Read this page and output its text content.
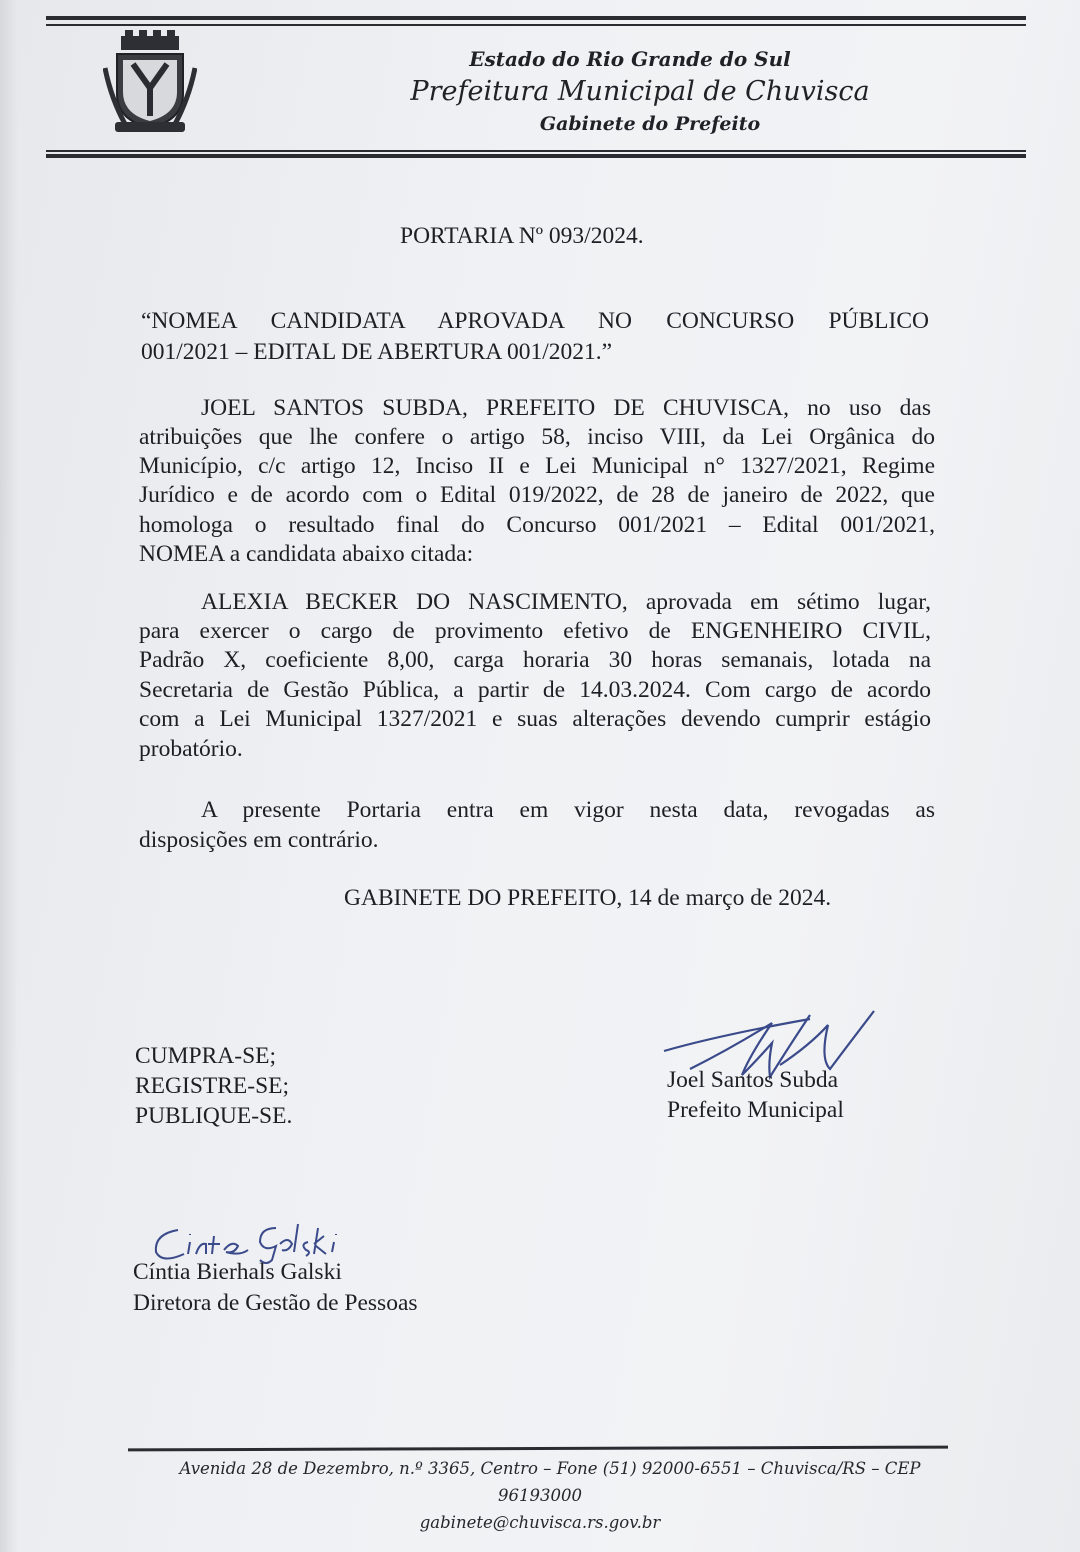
Estado do Rio Grande do Sul
Prefeitura Municipal de Chuvisca
Gabinete do Prefeito
PORTARIA Nº 093/2024.
“NOMEA CANDIDATA APROVADA NO CONCURSO PÚBLICO
001/2021 – EDITAL DE ABERTURA 001/2021.”
JOEL SANTOS SUBDA, PREFEITO DE CHUVISCA, no uso das
atribuições que lhe confere o artigo 58, inciso VIII, da Lei Orgânica do
Município, c/c artigo 12, Inciso II e Lei Municipal n° 1327/2021, Regime
Jurídico e de acordo com o Edital 019/2022, de 28 de janeiro de 2022, que
homologa o resultado final do Concurso 001/2021 – Edital 001/2021,
NOMEA a candidata abaixo citada:
ALEXIA BECKER DO NASCIMENTO, aprovada em sétimo lugar,
para exercer o cargo de provimento efetivo de ENGENHEIRO CIVIL,
Padrão X, coeficiente 8,00, carga horaria 30 horas semanais, lotada na
Secretaria de Gestão Pública, a partir de 14.03.2024. Com cargo de acordo
com a Lei Municipal 1327/2021 e suas alterações devendo cumprir estágio
probatório.
A presente Portaria entra em vigor nesta data, revogadas as
disposições em contrário.
GABINETE DO PREFEITO, 14 de março de 2024.
CUMPRA-SE;
REGISTRE-SE;
PUBLIQUE-SE.
Joel Santos Subda
Prefeito Municipal
Cíntia Bierhals Galski
Diretora de Gestão de Pessoas
Avenida 28 de Dezembro, n.º 3365, Centro – Fone (51) 92000-6551 – Chuvisca/RS – CEP
96193000
gabinete@chuvisca.rs.gov.br
